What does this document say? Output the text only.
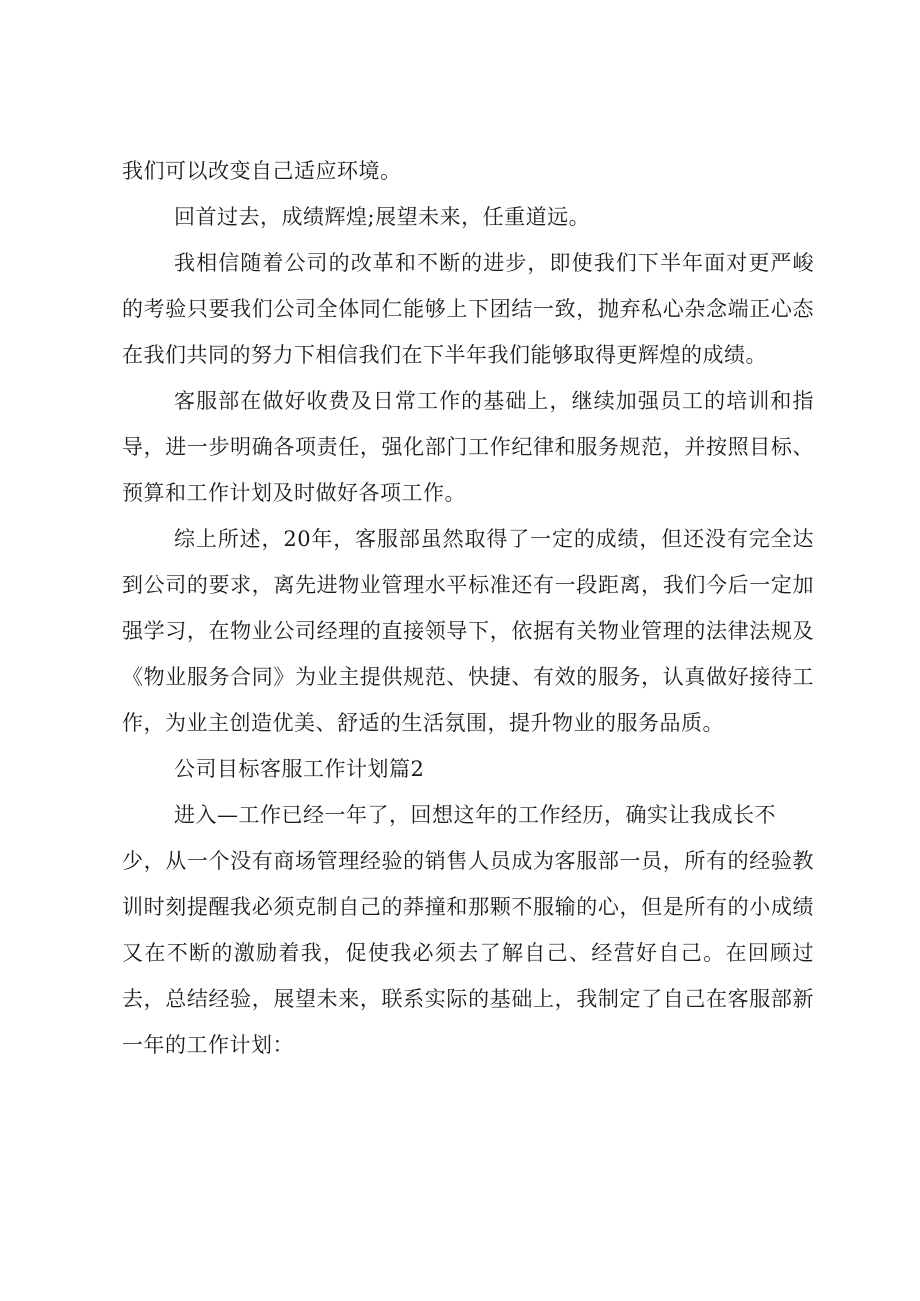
我们可以改变自己适应环境。
回首过去，成绩辉煌;展望未来，任重道远。
我相信随着公司的改革和不断的进步，即使我们下半年面对更严峻
的考验只要我们公司全体同仁能够上下团结一致，抛弃私心杂念端正心态
在我们共同的努力下相信我们在下半年我们能够取得更辉煌的成绩。
客服部在做好收费及日常工作的基础上，继续加强员工的培训和指
导，进一步明确各项责任，强化部门工作纪律和服务规范，并按照目标、
预算和工作计划及时做好各项工作。
综上所述，20年，客服部虽然取得了一定的成绩，但还没有完全达
到公司的要求，离先进物业管理水平标准还有一段距离，我们今后一定加
强学习，在物业公司经理的直接领导下，依据有关物业管理的法律法规及
《物业服务合同》为业主提供规范、快捷、有效的服务，认真做好接待工
作，为业主创造优美、舒适的生活氛围，提升物业的服务品质。
公司目标客服工作计划篇2
进入—工作已经一年了，回想这年的工作经历，确实让我成长不
少，从一个没有商场管理经验的销售人员成为客服部一员，所有的经验教
训时刻提醒我必须克制自己的莽撞和那颗不服输的心，但是所有的小成绩
又在不断的激励着我，促使我必须去了解自己、经营好自己。在回顾过
去，总结经验，展望未来，联系实际的基础上，我制定了自己在客服部新
一年的工作计划：
